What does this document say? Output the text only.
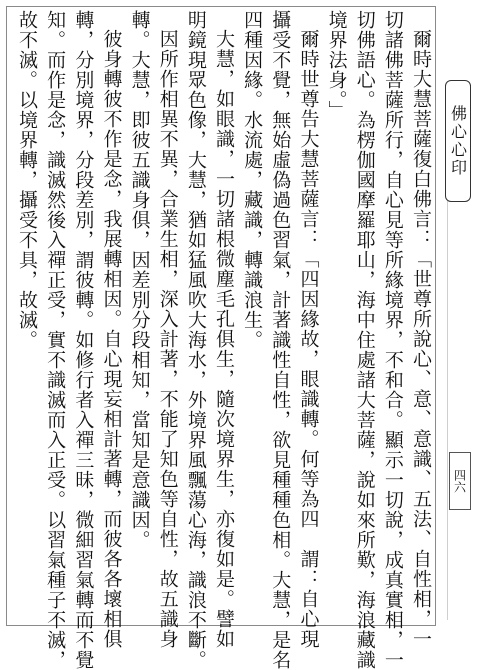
佛心心印
四六
爾時大慧菩薩復白佛言：「世尊所說心、意、意識、五法、自性相，一
切諸佛菩薩所行，自心見等所緣境界，不和合。顯示一切說，成真實相，一
切佛語心。為楞伽國摩羅耶山，海中住處諸大菩薩，說如來所歎，海浪藏識
境界法身。」
爾時世尊告大慧菩薩言：「四因緣故，眼識轉。何等為四　謂：自心現
攝受不覺，無始虛偽過色習氣，計著識性自性，欲見種種色相。大慧，是名
四種因緣。水流處，藏識，轉識浪生。
大慧，如眼識，一切諸根微塵毛孔俱生，隨次境界生，亦復如是。譬如
明鏡現眾色像，大慧，猶如猛風吹大海水，外境界風飄蕩心海，識浪不斷。
因所作相異不異，合業生相，深入計著，不能了知色等自性，故五識身
轉。大慧，即彼五識身俱，因差別分段相知，當知是意識因。
彼身轉彼不作是念，我展轉相因。自心現妄相計著轉，而彼各各壞相俱
轉，分別境界，分段差別，謂彼轉。如修行者入禪三昧，微細習氣轉而不覺
知。而作是念，識滅然後入禪正受，實不識滅而入正受。以習氣種子不滅，
故不滅。以境界轉，攝受不具，故滅。
